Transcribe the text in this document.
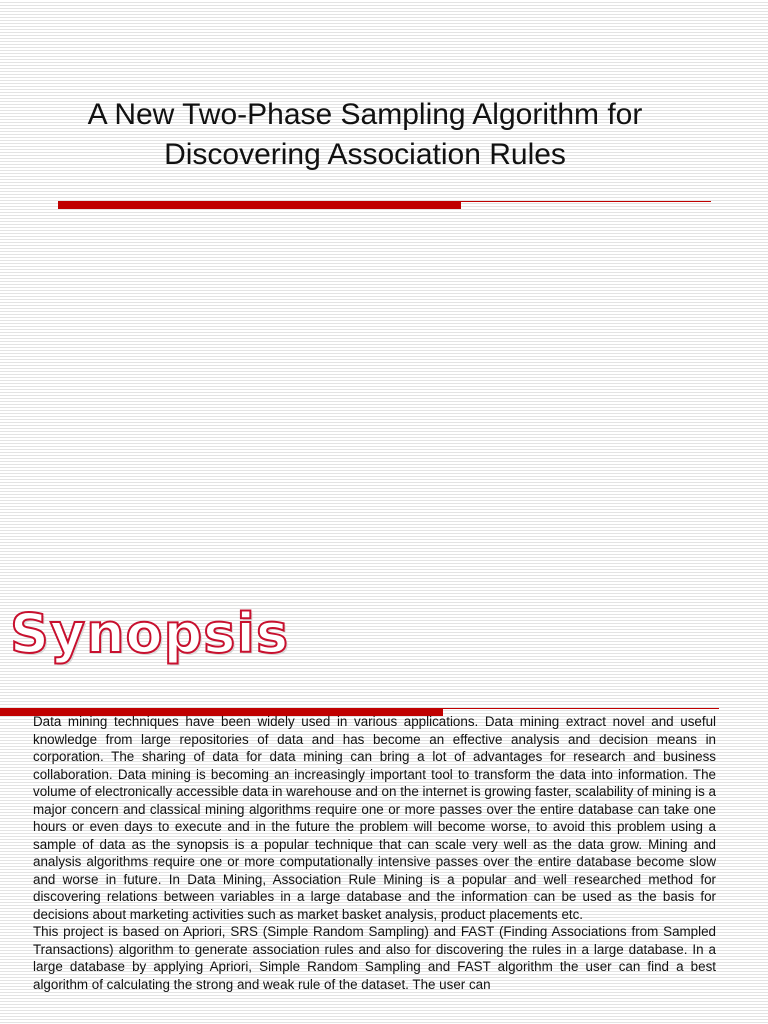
A New Two-Phase Sampling Algorithm for Discovering Association Rules
Synopsis

Data mining techniques have been widely used in various applications. Data mining extract novel and useful knowledge from large repositories of data and has become an effective analysis and decision means in corporation. The sharing of data for data mining can bring a lot of advantages for research and business collaboration. Data mining is becoming an increasingly important tool to transform the data into information. The volume of electronically accessible data in warehouse and on the internet is growing faster, scalability of mining is a major concern and classical mining algorithms require one or more passes over the entire database can take one hours or even days to execute and in the future the problem will become worse, to avoid this problem using a sample of data as the synopsis is a popular technique that can scale very well as the data grow. Mining and analysis algorithms require one or more computationally intensive passes over the entire database become slow and worse in future. In Data Mining, Association Rule Mining is a popular and well researched method for discovering relations between variables in a large database and the information can be used as the basis for decisions about marketing activities such as market basket analysis, product placements etc.

This project is based on Apriori, SRS (Simple Random Sampling) and FAST (Finding Associations from Sampled Transactions) algorithm to generate association rules and also for discovering the rules in a large database. In a large database by applying Apriori, Simple Random Sampling and FAST algorithm the user can find a best algorithm of calculating the strong and weak rule of the dataset. The user can
